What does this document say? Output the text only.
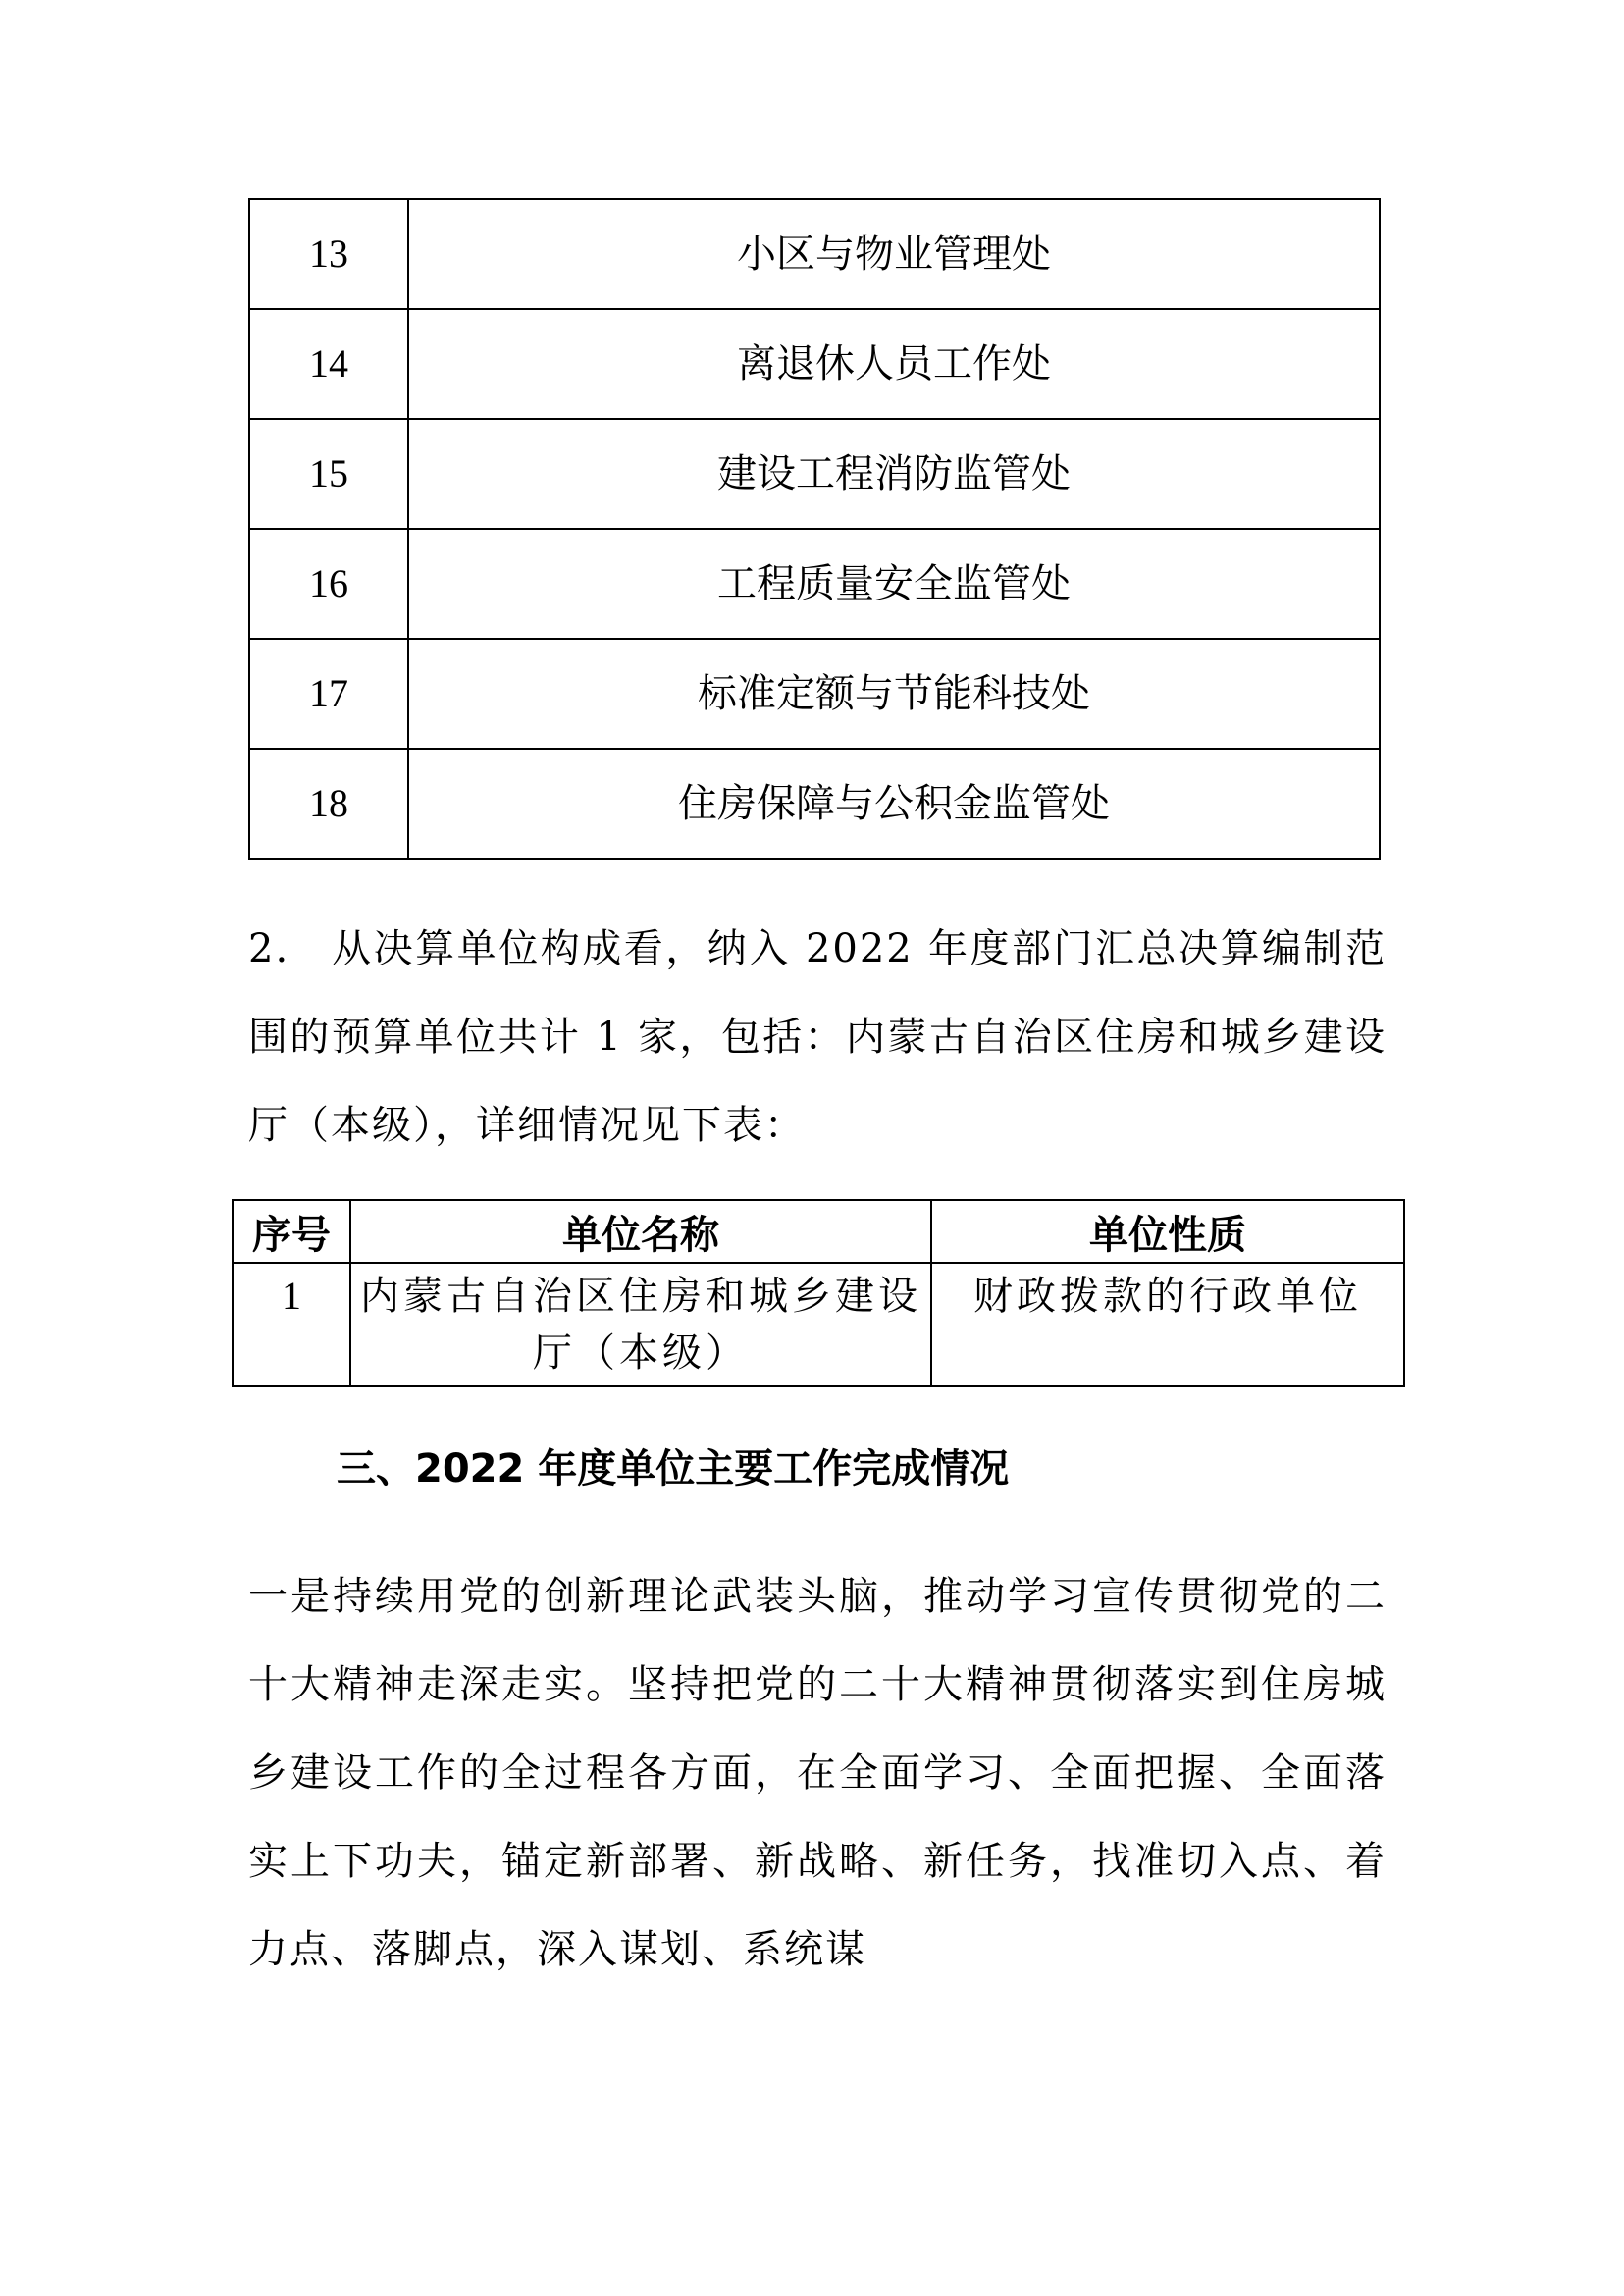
13	小区与物业管理处
14	离退休人员工作处
15	建设工程消防监管处
16	工程质量安全监管处
17	标准定额与节能科技处
18	住房保障与公积金监管处

2.　从决算单位构成看，纳入 2022 年度部门汇总决算编制范围的预算单位共计 1 家，包括：内蒙古自治区住房和城乡建设厅（本级），详细情况见下表：

序号	单位名称	单位性质
1	内蒙古自治区住房和城乡建设厅（本级）	财政拨款的行政单位
三、2022 年度单位主要工作完成情况

一是持续用党的创新理论武装头脑，推动学习宣传贯彻党的二十大精神走深走实。坚持把党的二十大精神贯彻落实到住房城乡建设工作的全过程各方面，在全面学习、全面把握、全面落实上下功夫，锚定新部署、新战略、新任务，找准切入点、着力点、落脚点，深入谋划、系统谋
